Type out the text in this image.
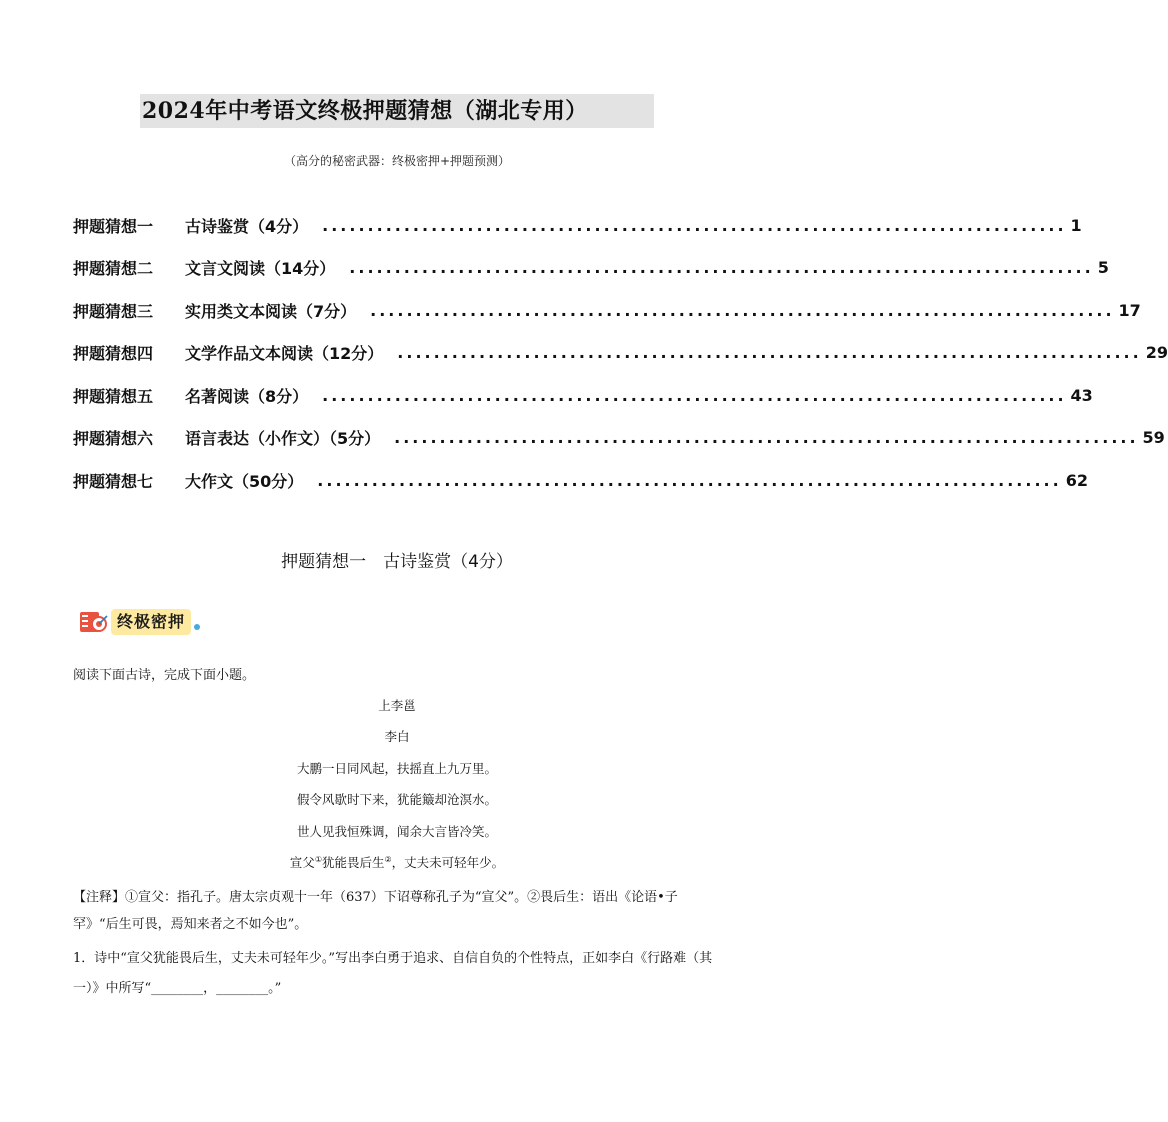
2024年中考语文终极押题猜想（湖北专用）
（高分的秘密武器：终极密押+押题预测）
押题猜想一	古诗鉴赏（4分） .................................................................................. 1
押题猜想二	文言文阅读（14分） .................................................................................. 5
押题猜想三	实用类文本阅读（7分） .................................................................................. 17
押题猜想四	文学作品文本阅读（12分） .................................................................................. 29
押题猜想五	名著阅读（8分） .................................................................................. 43
押题猜想六	语言表达（小作文）（5分） .................................................................................. 59
押题猜想七	大作文（50分） .................................................................................. 62
押题猜想一　古诗鉴赏（4分）
终极密押
阅读下面古诗，完成下面小题。
上李邕
李白
大鹏一日同风起，扶摇直上九万里。
假令风歇时下来，犹能簸却沧溟水。
世人见我恒殊调，闻余大言皆冷笑。
宣父①犹能畏后生②，丈夫未可轻年少。
【注释】①宣父：指孔子。唐太宗贞观十一年（637）下诏尊称孔子为“宣父”。②畏后生：语出《论语•子罕》“后生可畏，焉知来者之不如今也”。
1．诗中“宣父犹能畏后生，丈夫未可轻年少。”写出李白勇于追求、自信自负的个性特点，正如李白《行路难（其一）》中所写“________，________。”
